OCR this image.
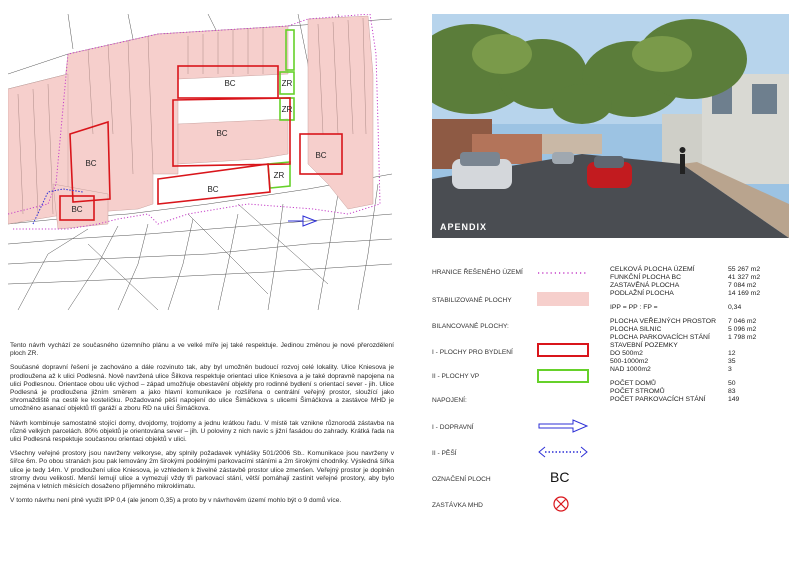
BC
BC
BC
BC
BC
BC
ZR
ZR
ZR
APENDIX

Tento návrh vychází ze současného územního plánu a ve velké míře jej také respektuje. Jedinou změnou je nové přerozdělení ploch ZR.

Současné dopravní řešení je zachováno a dále rozvinuto tak, aby byl umožněn budoucí rozvoj celé lokality. Ulice Kniesova je prodloužena až k ulici Podlesná. Nově navržená ulice Šilkova respektuje orientaci ulice Kniesova a je také dopravně napojena na ulici Podlesnou. Orientace obou ulic východ – západ umožňuje obestavění objekty pro rodinné bydlení s orientací sever - jih. Ulice Podlesná je prodloužena jižním směrem a jako hlavní komunikace je rozšířena o centrální veřejný prostor, sloužící jako shromaždiště na cestě ke kostelíčku. Požadované pěší napojení do ulice Šimáčkova s ulicemi Šimáčkova a zastávce MHD je umožněno asanací objektů tří garáží a zboru RD na ulici Šimáčkova.

Návrh kombinuje samostatně stojící domy, dvojdomy, trojdomy a jednu krátkou řadu. V místě tak vznikne různorodá zástavba na různě velkých parcelách. 80% objektů je orientována sever – jih. U poloviny z nich navíc s jižní fasádou do zahrady. Krátká řada na ulici Podlesná respektuje současnou orientaci objektů v ulici.

Všechny veřejné prostory jsou navrženy velkoryse, aby splnily požadavek vyhlášky 501/2006 Sb.. Komunikace jsou navrženy v šířce 6m. Po obou stranách jsou pak lemovány 2m širokými podélnými parkovacími stáními a 2m širokými chodníky. Výsledná šířka ulice je tedy 14m. V prodloužení ulice Kniesova, je vzhledem k živelné zástavbě prostor ulice zmenšen. Veřejný prostor je doplněn stromy dvou velikostí. Menší lemují ulice a vymezují vždy tři parkovací stání, větší pomáhají zastínit veřejné prostory, aby bylo zejména v letních měsících dosaženo příjemného mikroklimatu.

V tomto návrhu není plně využit IPP 0,4 (ale jenom 0,35) a proto by v návrhovém území mohlo být o 9 domů více.

HRANICE ŘEŠENÉHO ÚZEMÍ
STABILIZOVANÉ PLOCHY
BILANCOVANÉ PLOCHY:
I - PLOCHY PRO BYDLENÍ
II - PLOCHY VP
NAPOJENÍ:
I - DOPRAVNÍ
II - PĚŠÍ
OZNAČENÍ PLOCH	BC
ZASTÁVKA MHD
CELKOVÁ PLOCHA ÚZEMÍ	55 267 m2
FUNKČNÍ PLOCHA BC	41 327 m2
ZASTAVĚNÁ PLOCHA	7 084 m2
PODLAŽNÍ PLOCHA	14 169 m2
IPP = PP : FP =	0,34
PLOCHA VEŘEJNÝCH PROSTOR 7 046 m2
PLOCHA SILNIC	5 096 m2
PLOCHA PARKOVACÍCH STÁNÍ	1 798 m2
STAVEBNÍ POZEMKY
DO 500m2	12
500-1000m2	35
NAD 1000m2	3
POČET DOMŮ	50
POČET STROMŮ	83
POČET PARKOVACÍCH STÁNÍ	149
